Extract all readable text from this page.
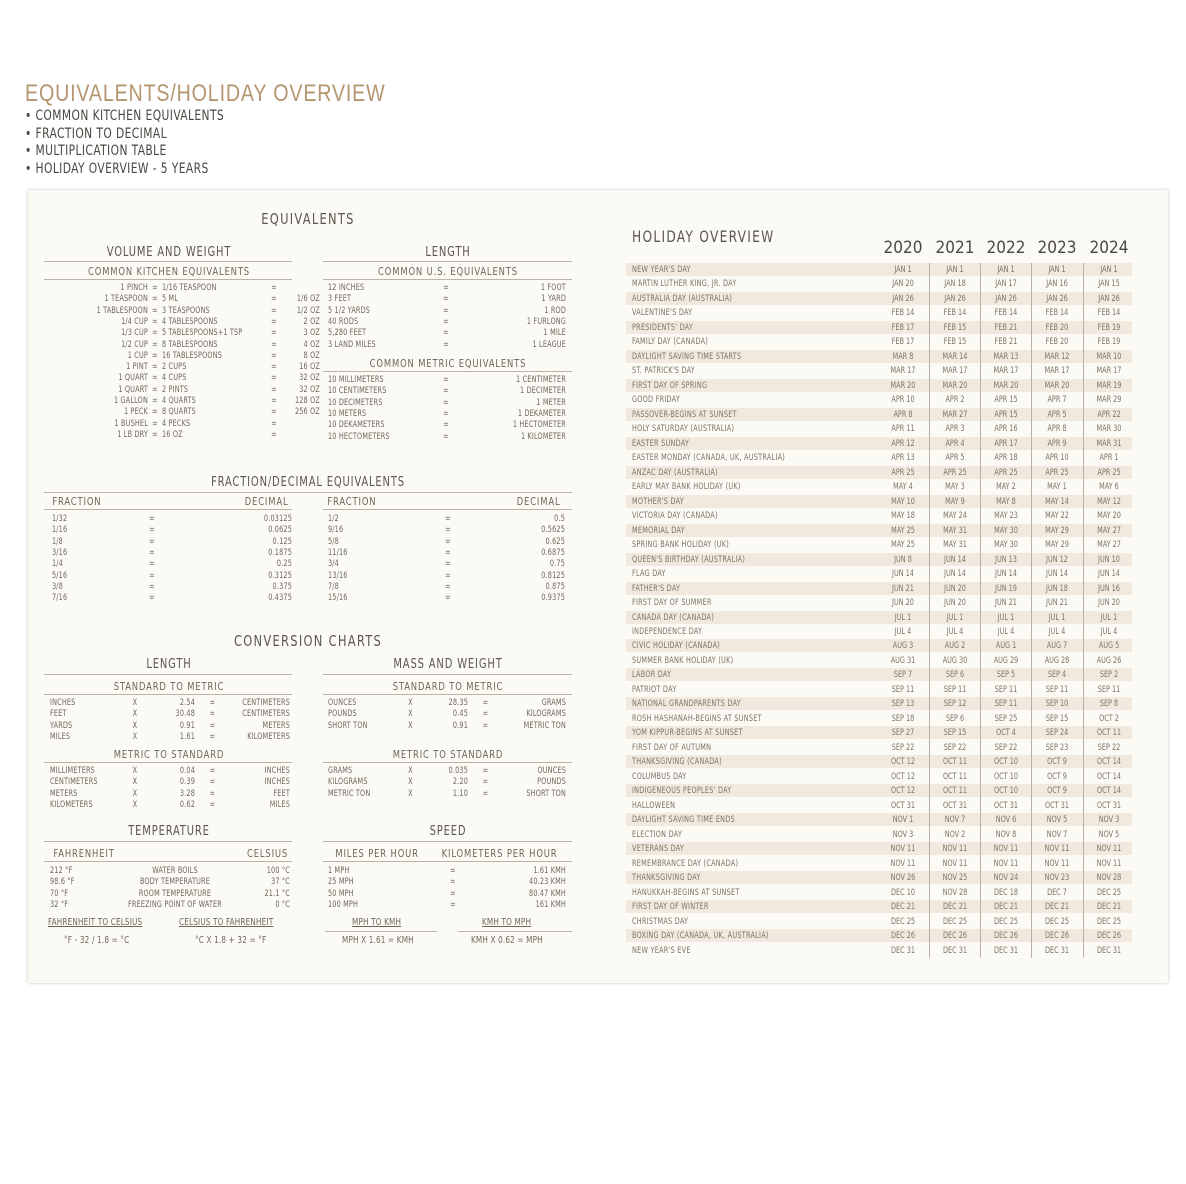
EQUIVALENTS/HOLIDAY OVERVIEW
• COMMON KITCHEN EQUIVALENTS
• FRACTION TO DECIMAL
• MULTIPLICATION TABLE
• HOLIDAY OVERVIEW - 5 YEARS
EQUIVALENTS
VOLUME AND WEIGHT
COMMON KITCHEN EQUIVALENTS
1 PINCH = 1/16 TEASPOON	=
1 TEASPOON = 5 ML	=	1/6 OZ
1 TABLESPOON = 3 TEASPOONS	=	1/2 OZ
1/4 CUP = 4 TABLESPOONS	=	2 OZ
1/3 CUP = 5 TABLESPOONS+1 TSP	=	3 OZ
1/2 CUP = 8 TABLESPOONS	=	4 OZ
1 CUP = 16 TABLESPOONS	=	8 OZ
1 PINT = 2 CUPS	=	16 OZ
1 QUART = 4 CUPS	=	32 OZ
1 QUART = 2 PINTS	=	32 OZ
1 GALLON = 4 QUARTS	=	128 OZ
1 PECK = 8 QUARTS	=	256 OZ
1 BUSHEL = 4 PECKS	=
1 LB DRY = 16 OZ	=
LENGTH
COMMON U.S. EQUIVALENTS
12 INCHES	=	1 FOOT
3 FEET	=	1 YARD
5 1/2 YARDS	=	1 ROD
40 RODS	=	1 FURLONG
5,280 FEET	=	1 MILE
3 LAND MILES	=	1 LEAGUE
COMMON METRIC EQUIVALENTS
10 MILLIMETERS	=	1 CENTIMETER
10 CENTIMETERS	=	1 DECIMETER
10 DECIMETERS	=	1 METER
10 METERS	=	1 DEKAMETER
10 DEKAMETERS	=	1 HECTOMETER
10 HECTOMETERS	=	1 KILOMETER
FRACTION/DECIMAL EQUIVALENTS
FRACTION	DECIMAL	FRACTION	DECIMAL
1/32	=	0.03125
1/16	=	0.0625
1/8	=	0.125
3/16	=	0.1875
1/4	=	0.25
5/16	=	0.3125
3/8	=	0.375
7/16	=	0.4375
1/2	=	0.5
9/16	=	0.5625
5/8	=	0.625
11/16	=	0.6875
3/4	=	0.75
13/16	=	0.8125
7/8	=	0.875
15/16	=	0.9375
CONVERSION CHARTS
LENGTH
STANDARD TO METRIC
INCHES	X	2.54	=	CENTIMETERS
FEET	X	30.48	=	CENTIMETERS
YARDS	X	0.91	=	METERS
MILES	X	1.61	=	KILOMETERS
METRIC TO STANDARD
MILLIMETERS	X	0.04	=	INCHES
CENTIMETERS	X	0.39	=	INCHES
METERS	X	3.28	=	FEET
KILOMETERS	X	0.62	=	MILES
MASS AND WEIGHT
STANDARD TO METRIC
OUNCES	X	28.35	=	GRAMS
POUNDS	X	0.45	=	KILOGRAMS
SHORT TON	X	0.91	=	METRIC TON
METRIC TO STANDARD
GRAMS	X	0.035	=	OUNCES
KILOGRAMS	X	2.20	=	POUNDS
METRIC TON	X	1.10	=	SHORT TON
TEMPERATURE
FAHRENHEIT	CELSIUS
212 °F	WATER BOILS	100 °C
98.6 °F	BODY TEMPERATURE	37 °C
70 °F	ROOM TEMPERATURE	21.1 °C
32 °F	FREEZING POINT OF WATER	0 °C
FAHRENHEIT TO CELSIUS
°F - 32 / 1.8 = °C
CELSIUS TO FAHRENHEIT
°C X 1.8 + 32 = °F
SPEED
MILES PER HOUR KILOMETERS PER HOUR
1 MPH	=	1.61 KMH
25 MPH	=	40.23 KMH
50 MPH	=	80.47 KMH
100 MPH	=	161 KMH
MPH TO KMH
MPH X 1.61 = KMH
KMH TO MPH
KMH X 0.62 = MPH
HOLIDAY OVERVIEW
2020 2021 2022 2023 2024
NEW YEAR'S DAY	JAN 1	JAN 1	JAN 1	JAN 1	JAN 1
MARTIN LUTHER KING, JR. DAY	JAN 20	JAN 18	JAN 17	JAN 16	JAN 15
AUSTRALIA DAY (AUSTRALIA)	JAN 26	JAN 26	JAN 26	JAN 26	JAN 26
VALENTINE'S DAY	FEB 14	FEB 14	FEB 14	FEB 14	FEB 14
PRESIDENTS' DAY	FEB 17	FEB 15	FEB 21	FEB 20	FEB 19
FAMILY DAY (CANADA)	FEB 17	FEB 15	FEB 21	FEB 20	FEB 19
DAYLIGHT SAVING TIME STARTS	MAR 8	MAR 14	MAR 13	MAR 12	MAR 10
ST. PATRICK'S DAY	MAR 17	MAR 17	MAR 17	MAR 17	MAR 17
FIRST DAY OF SPRING	MAR 20	MAR 20	MAR 20	MAR 20	MAR 19
GOOD FRIDAY	APR 10	APR 2	APR 15	APR 7	MAR 29
PASSOVER-BEGINS AT SUNSET	APR 8	MAR 27	APR 15	APR 5	APR 22
HOLY SATURDAY (AUSTRALIA)	APR 11	APR 3	APR 16	APR 8	MAR 30
EASTER SUNDAY	APR 12	APR 4	APR 17	APR 9	MAR 31
EASTER MONDAY (CANADA, UK, AUSTRALIA)	APR 13	APR 5	APR 18	APR 10	APR 1
ANZAC DAY (AUSTRALIA)	APR 25	APR 25	APR 25	APR 25	APR 25
EARLY MAY BANK HOLIDAY (UK)	MAY 4	MAY 3	MAY 2	MAY 1	MAY 6
MOTHER'S DAY	MAY 10	MAY 9	MAY 8	MAY 14	MAY 12
VICTORIA DAY (CANADA)	MAY 18	MAY 24	MAY 23	MAY 22	MAY 20
MEMORIAL DAY	MAY 25	MAY 31	MAY 30	MAY 29	MAY 27
SPRING BANK HOLIDAY (UK)	MAY 25	MAY 31	MAY 30	MAY 29	MAY 27
QUEEN'S BIRTHDAY (AUSTRALIA)	JUN 8	JUN 14	JUN 13	JUN 12	JUN 10
FLAG DAY	JUN 14	JUN 14	JUN 14	JUN 14	JUN 14
FATHER'S DAY	JUN 21	JUN 20	JUN 19	JUN 18	JUN 16
FIRST DAY OF SUMMER	JUN 20	JUN 20	JUN 21	JUN 21	JUN 20
CANADA DAY (CANADA)	JUL 1	JUL 1	JUL 1	JUL 1	JUL 1
INDEPENDENCE DAY	JUL 4	JUL 4	JUL 4	JUL 4	JUL 4
CIVIC HOLIDAY (CANADA)	AUG 3	AUG 2	AUG 1	AUG 7	AUG 5
SUMMER BANK HOLIDAY (UK)	AUG 31	AUG 30	AUG 29	AUG 28	AUG 26
LABOR DAY	SEP 7	SEP 6	SEP 5	SEP 4	SEP 2
PATRIOT DAY	SEP 11	SEP 11	SEP 11	SEP 11	SEP 11
NATIONAL GRANDPARENTS DAY	SEP 13	SEP 12	SEP 11	SEP 10	SEP 8
ROSH HASHANAH-BEGINS AT SUNSET	SEP 18	SEP 6	SEP 25	SEP 15	OCT 2
YOM KIPPUR-BEGINS AT SUNSET	SEP 27	SEP 15	OCT 4	SEP 24	OCT 11
FIRST DAY OF AUTUMN	SEP 22	SEP 22	SEP 22	SEP 23	SEP 22
THANKSGIVING (CANADA)	OCT 12	OCT 11	OCT 10	OCT 9	OCT 14
COLUMBUS DAY	OCT 12	OCT 11	OCT 10	OCT 9	OCT 14
INDIGENEOUS PEOPLES' DAY	OCT 12	OCT 11	OCT 10	OCT 9	OCT 14
HALLOWEEN	OCT 31	OCT 31	OCT 31	OCT 31	OCT 31
DAYLIGHT SAVING TIME ENDS	NOV 1	NOV 7	NOV 6	NOV 5	NOV 3
ELECTION DAY	NOV 3	NOV 2	NOV 8	NOV 7	NOV 5
VETERANS DAY	NOV 11	NOV 11	NOV 11	NOV 11	NOV 11
REMEMBRANCE DAY (CANADA)	NOV 11	NOV 11	NOV 11	NOV 11	NOV 11
THANKSGIVING DAY	NOV 26	NOV 25	NOV 24	NOV 23	NOV 28
HANUKKAH-BEGINS AT SUNSET	DEC 10	NOV 28	DEC 18	DEC 7	DEC 25
FIRST DAY OF WINTER	DEC 21	DEC 21	DEC 21	DEC 21	DEC 21
CHRISTMAS DAY	DEC 25	DEC 25	DEC 25	DEC 25	DEC 25
BOXING DAY (CANADA, UK, AUSTRALIA)	DEC 26	DEC 26	DEC 26	DEC 26	DEC 26
NEW YEAR'S EVE	DEC 31	DEC 31	DEC 31	DEC 31	DEC 31
